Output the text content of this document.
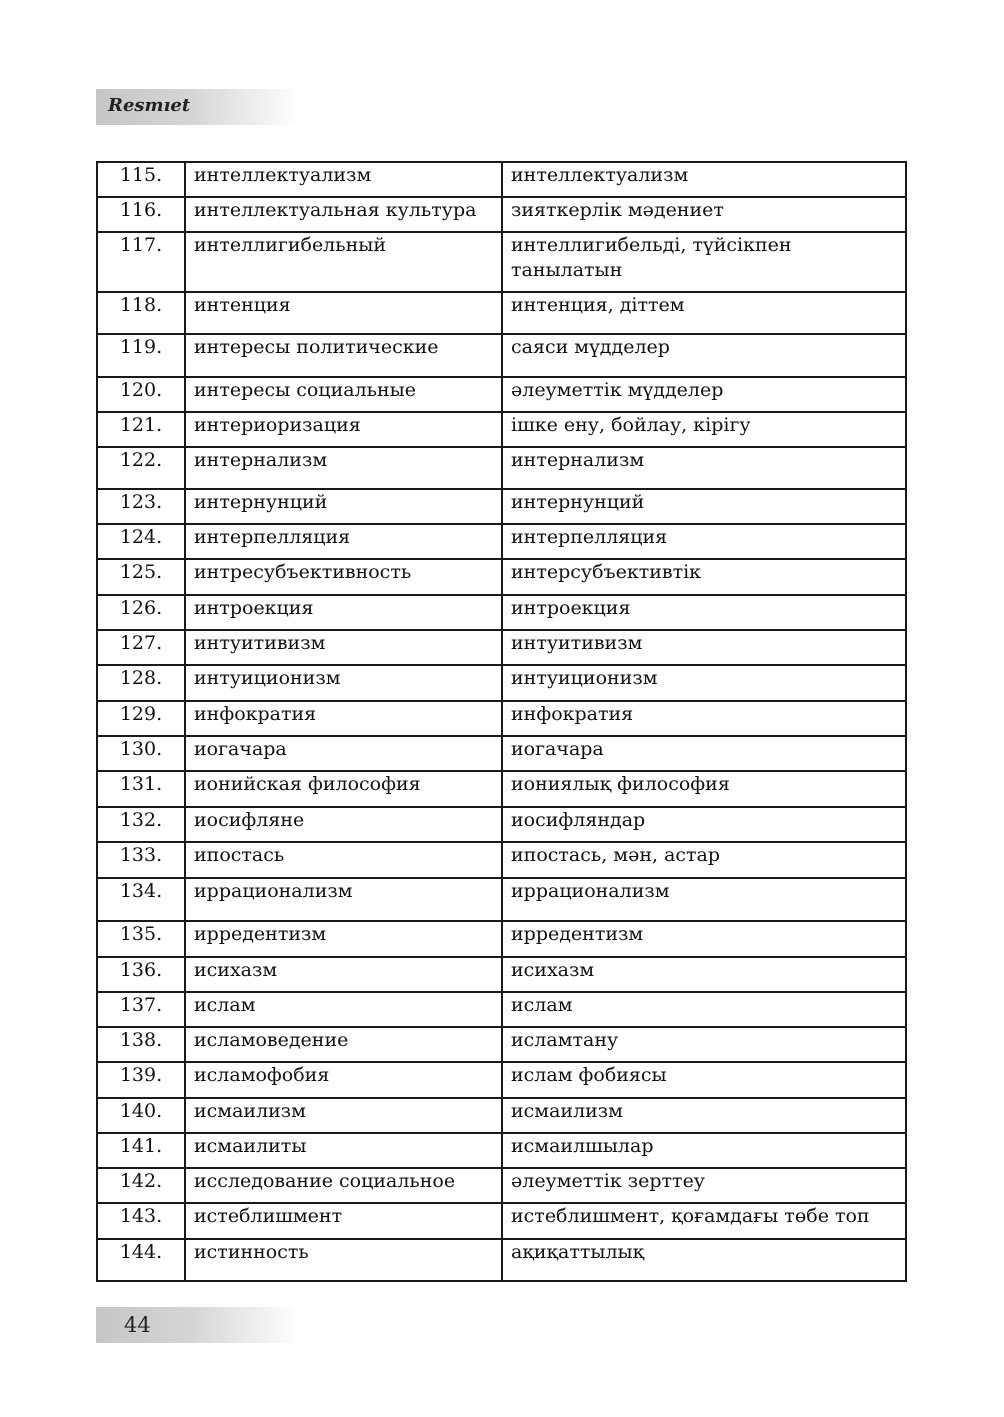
Resmıet
115.	интеллектуализм	интеллектуализм
116.	интеллектуальная культура	зияткерлік мәдениет
117.	интеллигибельный	интеллигибельді, түйсікпен танылатын
118.	интенция	интенция, діттем
119.	интересы политические	саяси мүдделер
120.	интересы социальные	әлеуметтік мүдделер
121.	интериоризация	ішке ену, бойлау, кірігу
122.	интернализм	интернализм
123.	интернунций	интернунций
124.	интерпелляция	интерпелляция
125.	интресубъективность	интерсубъективтік
126.	интроекция	интроекция
127.	интуитивизм	интуитивизм
128.	интуиционизм	интуиционизм
129.	инфократия	инфократия
130.	иогачара	иогачара
131.	ионийская философия	иониялық философия
132.	иосифляне	иосифляндар
133.	ипостась	ипостась, мән, астар
134.	иррационализм	иррационализм
135.	ирредентизм	ирредентизм
136.	исихазм	исихазм
137.	ислам	ислам
138.	исламоведение	исламтану
139.	исламофобия	ислам фобиясы
140.	исмаилизм	исмаилизм
141.	исмаилиты	исмаилшылар
142.	исследование социальное	әлеуметтік зерттеу
143.	истеблишмент	истеблишмент, қоғамдағы төбе топ
144.	истинность	ақиқаттылық
44
